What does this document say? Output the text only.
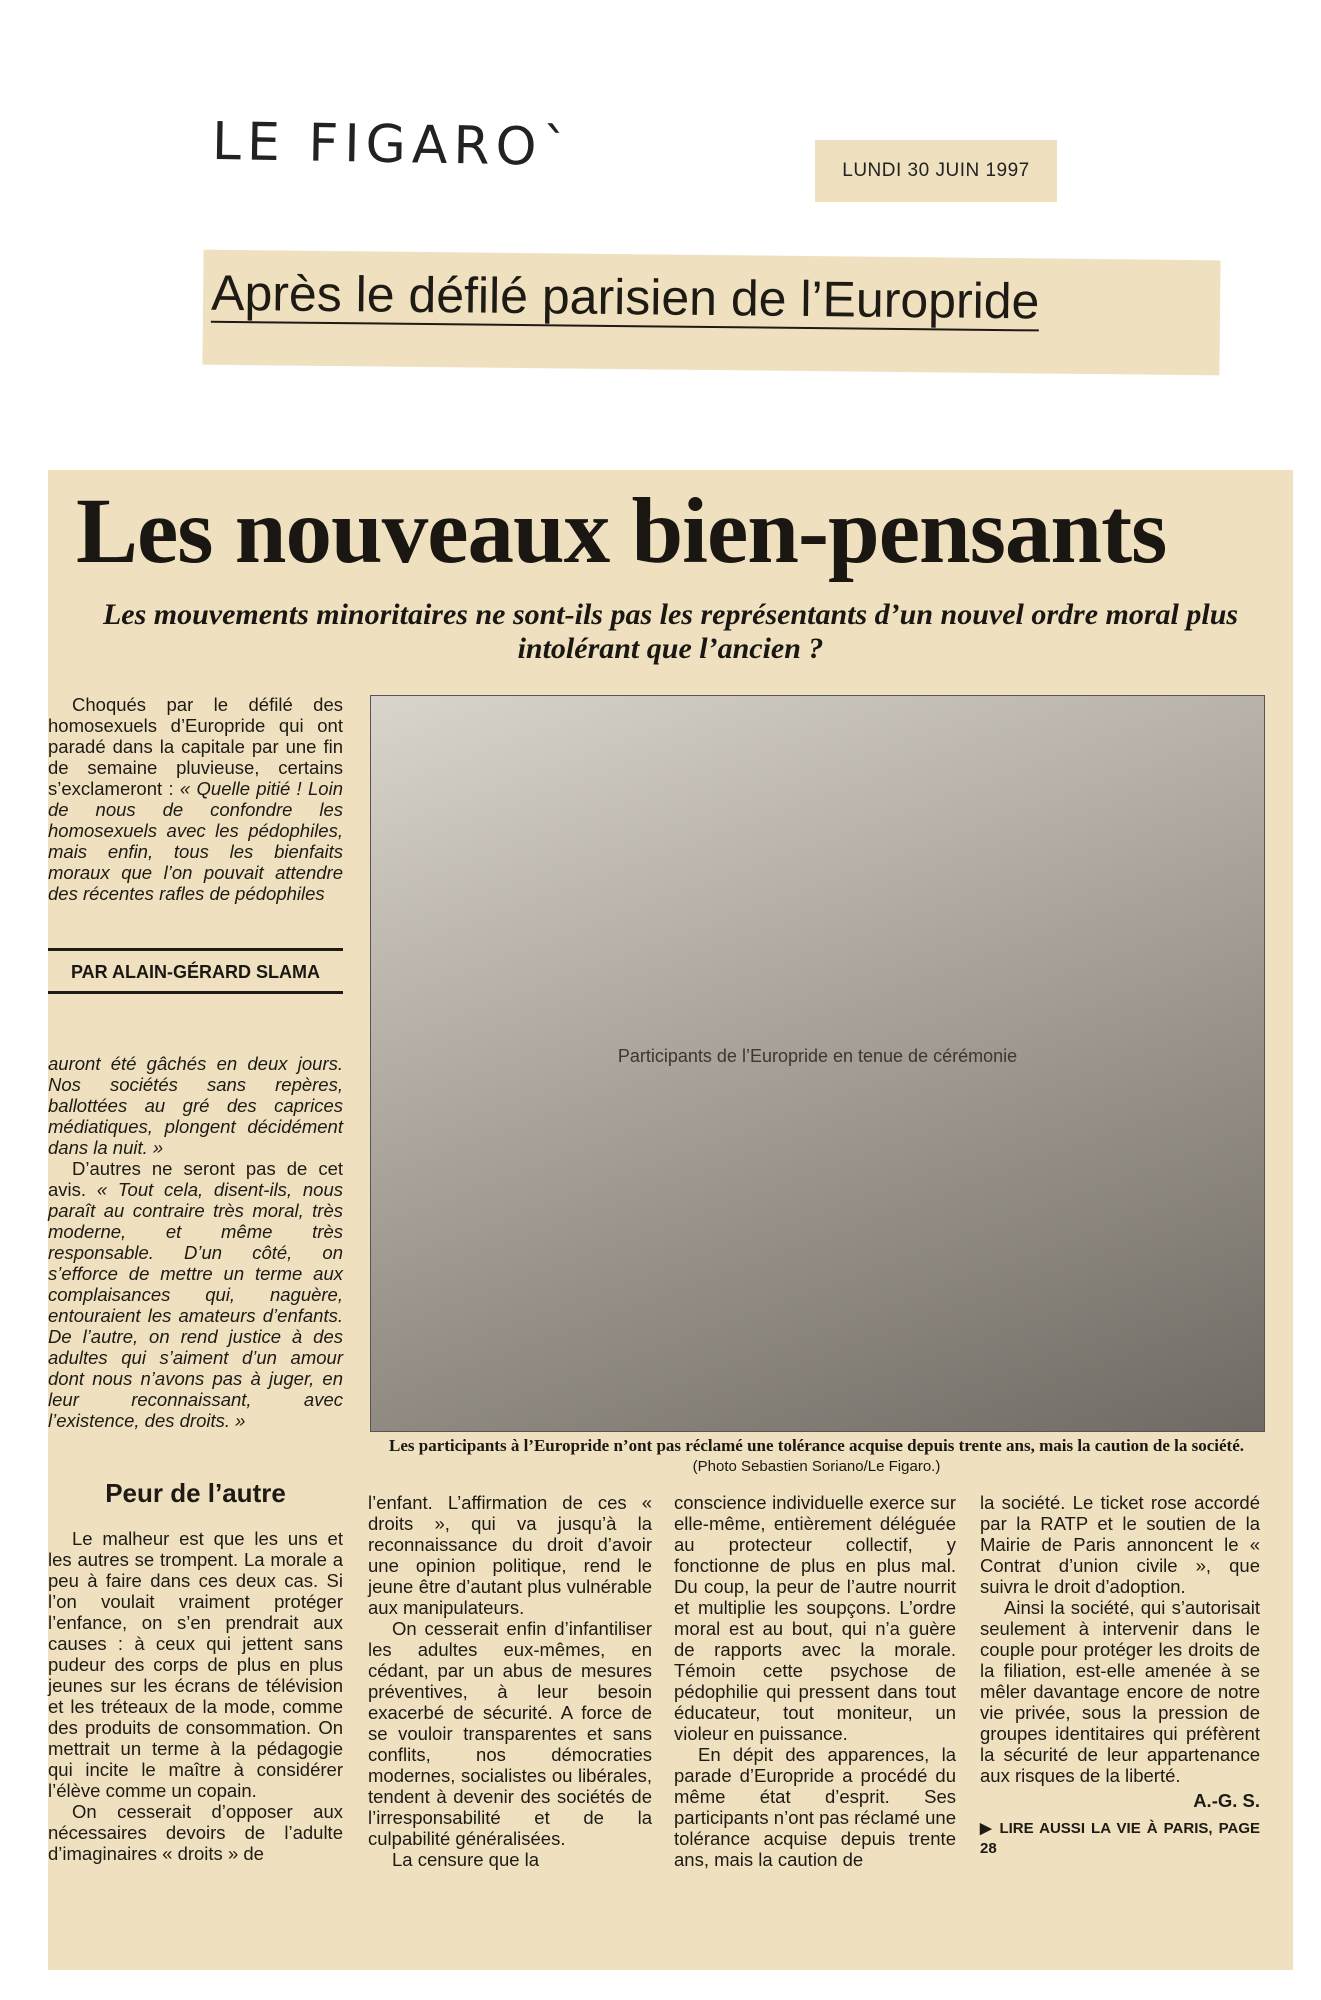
LE FIGARO`	LUNDI 30 JUIN 1997
Après le défilé parisien de l’Europride
Les nouveaux bien-pensants
Les mouvements minoritaires ne sont-ils pas les représentants d’un nouvel ordre moral plus intolérant que l’ancien ?

Choqués par le défilé des homosexuels d’Europride qui ont paradé dans la capitale par une fin de semaine pluvieuse, certains s’exclameront : « Quelle pitié ! Loin de nous de confondre les homosexuels avec les pédophiles, mais enfin, tous les bienfaits moraux que l’on pouvait attendre des récentes rafles de pédophiles

PAR ALAIN-GÉRARD SLAMA

auront été gâchés en deux jours. Nos sociétés sans repères, ballottées au gré des caprices médiatiques, plongent décidément dans la nuit. »

D’autres ne seront pas de cet avis. « Tout cela, disent-ils, nous paraît au contraire très moral, très moderne, et même très responsable. D’un côté, on s’efforce de mettre un terme aux complaisances qui, naguère, entouraient les amateurs d’enfants. De l’autre, on rend justice à des adultes qui s’aiment d’un amour dont nous n’avons pas à juger, en leur reconnaissant, avec l’existence, des droits. »

Participants de l’Europride en tenue de cérémonie
Les participants à l’Europride n’ont pas réclamé une tolérance acquise depuis trente ans, mais la caution de la société. (Photo Sebastien Soriano/Le Figaro.)
Peur de l’autre

Le malheur est que les uns et les autres se trompent. La morale a peu à faire dans ces deux cas. Si l’on voulait vraiment protéger l’enfance, on s’en prendrait aux causes : à ceux qui jettent sans pudeur des corps de plus en plus jeunes sur les écrans de télévision et les tréteaux de la mode, comme des produits de consommation. On mettrait un terme à la pédagogie qui incite le maître à considérer l’élève comme un copain.

On cesserait d’opposer aux nécessaires devoirs de l’adulte d’imaginaires « droits » de

l’enfant. L’affirmation de ces « droits », qui va jusqu’à la reconnaissance du droit d’avoir une opinion politique, rend le jeune être d’autant plus vulnérable aux manipulateurs.

On cesserait enfin d’infantiliser les adultes eux-mêmes, en cédant, par un abus de mesures préventives, à leur besoin exacerbé de sécurité. A force de se vouloir transparentes et sans conflits, nos démocraties modernes, socialistes ou libérales, tendent à devenir des sociétés de l’irresponsabilité et de la culpabilité généralisées.

La censure que la

conscience individuelle exerce sur elle-même, entièrement déléguée au protecteur collectif, y fonctionne de plus en plus mal. Du coup, la peur de l’autre nourrit et multiplie les soupçons. L’ordre moral est au bout, qui n’a guère de rapports avec la morale. Témoin cette psychose de pédophilie qui pressent dans tout éducateur, tout moniteur, un violeur en puissance.

En dépit des apparences, la parade d’Europride a procédé du même état d’esprit. Ses participants n’ont pas réclamé une tolérance acquise depuis trente ans, mais la caution de

la société. Le ticket rose accordé par la RATP et le soutien de la Mairie de Paris annoncent le « Contrat d’union civile », que suivra le droit d’adoption.

Ainsi la société, qui s’autorisait seulement à intervenir dans le couple pour protéger les droits de la filiation, est-elle amenée à se mêler davantage encore de notre vie privée, sous la pression de groupes identitaires qui préfèrent la sécurité de leur appartenance aux risques de la liberté.

A.-G. S.
▶ LIRE AUSSI LA VIE À PARIS, PAGE 28
